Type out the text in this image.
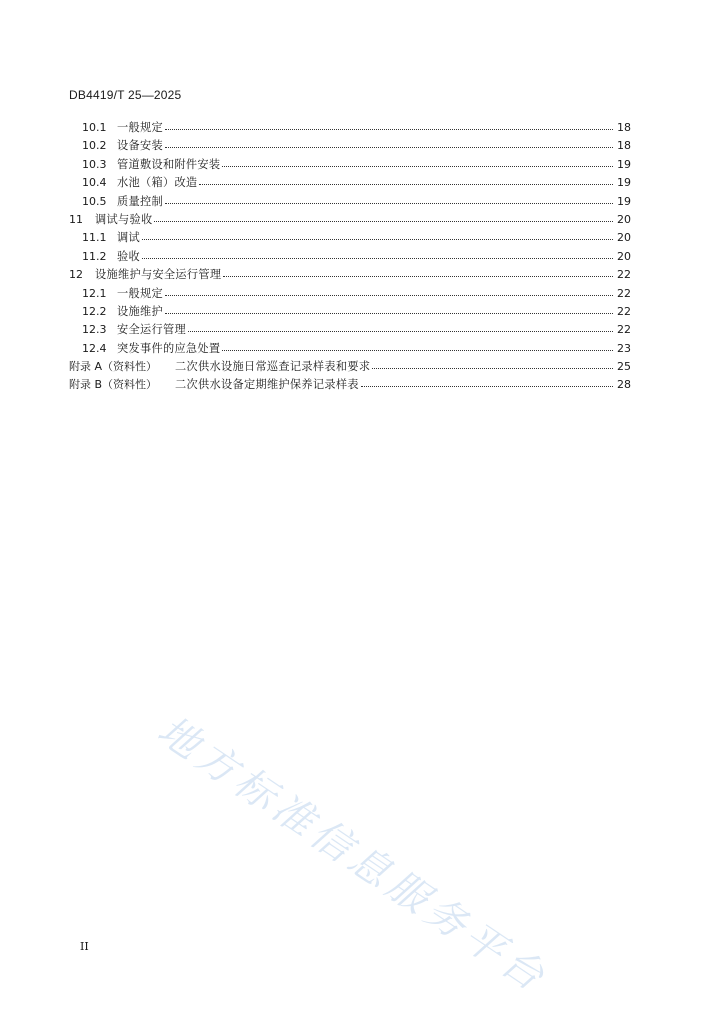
DB4419/T 25—2025
10.1 一般规定	18
10.2 设备安装	18
10.3 管道敷设和附件安装	19
10.4 水池（箱）改造	19
10.5 质量控制	19
11	调试与验收	20
11.1 调试	20
11.2 验收	20
12	设施维护与安全运行管理	22
12.1 一般规定	22
12.2 设施维护	22
12.3 安全运行管理	22
12.4 突发事件的应急处置	23
附录 A（资料性） 二次供水设施日常巡查记录样表和要求	25
附录 B（资料性） 二次供水设备定期维护保养记录样表	28
地方标准信息服务平台
II
